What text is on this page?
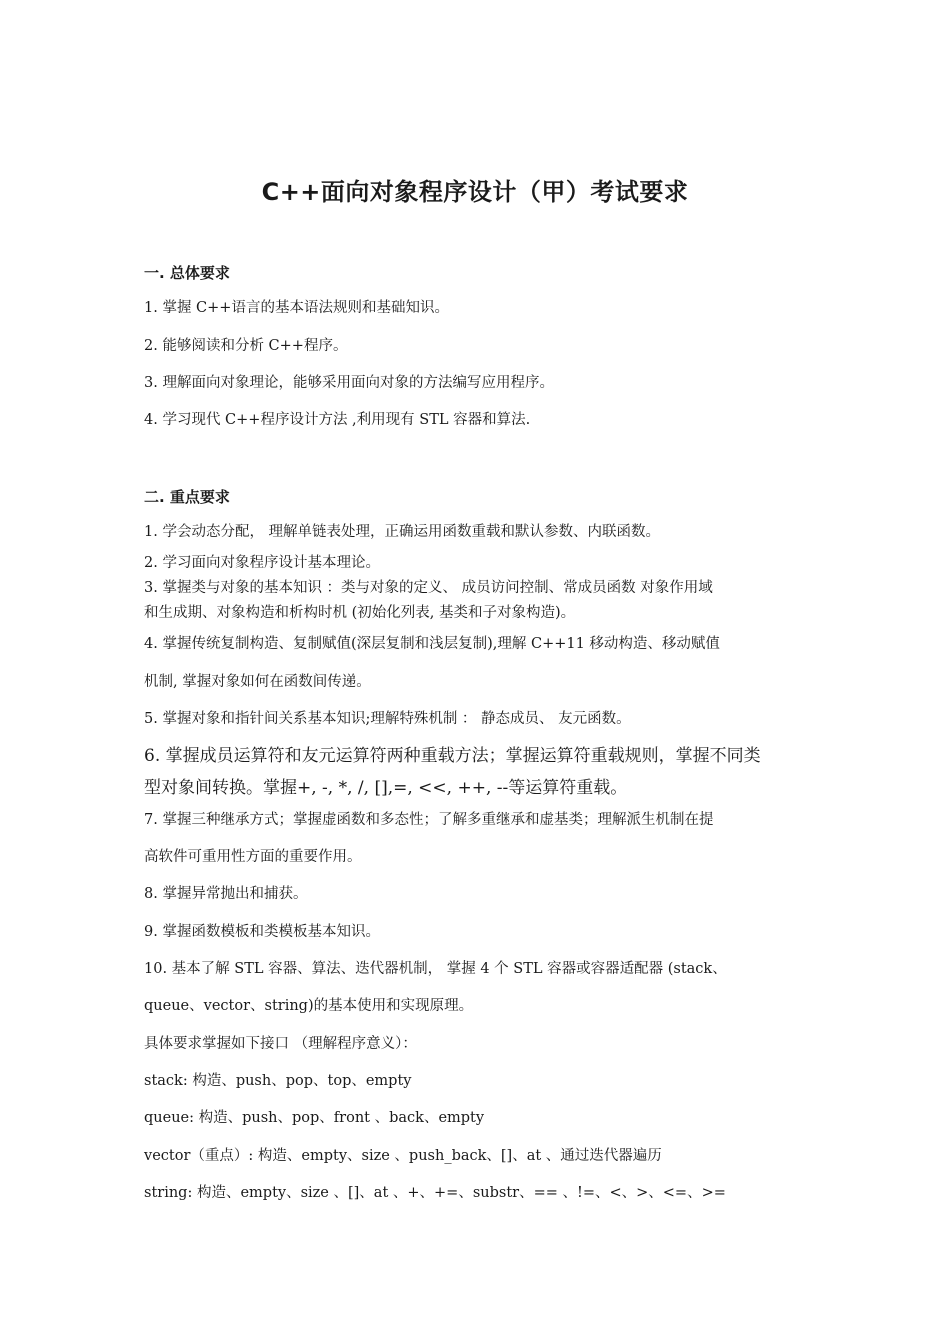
C++面向对象程序设计（甲）考试要求
一. 总体要求
1. 掌握 C++语言的基本语法规则和基础知识。
2. 能够阅读和分析 C++程序。
3. 理解面向对象理论，能够采用面向对象的方法编写应用程序。
4. 学习现代 C++程序设计方法 ,利用现有 STL 容器和算法.
二. 重点要求
1. 学会动态分配， 理解单链表处理，正确运用函数重载和默认参数、内联函数。
2. 学习面向对象程序设计基本理论。
3. 掌握类与对象的基本知识 ：类与对象的定义、 成员访问控制、常成员函数 对象作用域
和生成期、对象构造和析构时机 (初始化列表, 基类和子对象构造)。
4. 掌握传统复制构造、复制赋值(深层复制和浅层复制),理解 C++11 移动构造、移动赋值
机制, 掌握对象如何在函数间传递。
5. 掌握对象和指针间关系基本知识;理解特殊机制 ： 静态成员、 友元函数。
6. 掌握成员运算符和友元运算符两种重载方法；掌握运算符重载规则，掌握不同类
型对象间转换。掌握+, -, *, /, [],=, <<, ++, --等运算符重载。
7. 掌握三种继承方式；掌握虚函数和多态性；了解多重继承和虚基类；理解派生机制在提
高软件可重用性方面的重要作用。
8. 掌握异常抛出和捕获。
9. 掌握函数模板和类模板基本知识。
10. 基本了解 STL 容器、算法、迭代器机制， 掌握 4 个 STL 容器或容器适配器 (stack、
queue、vector、string)的基本使用和实现原理。
具体要求掌握如下接口 （理解程序意义）：
stack: 构造、push、pop、top、empty
queue: 构造、push、pop、front 、back、empty
vector（重点）: 构造、empty、size 、push_back、[]、at 、通过迭代器遍历
string: 构造、empty、size 、[]、at 、+、+=、substr、== 、!=、<、>、<=、>=
